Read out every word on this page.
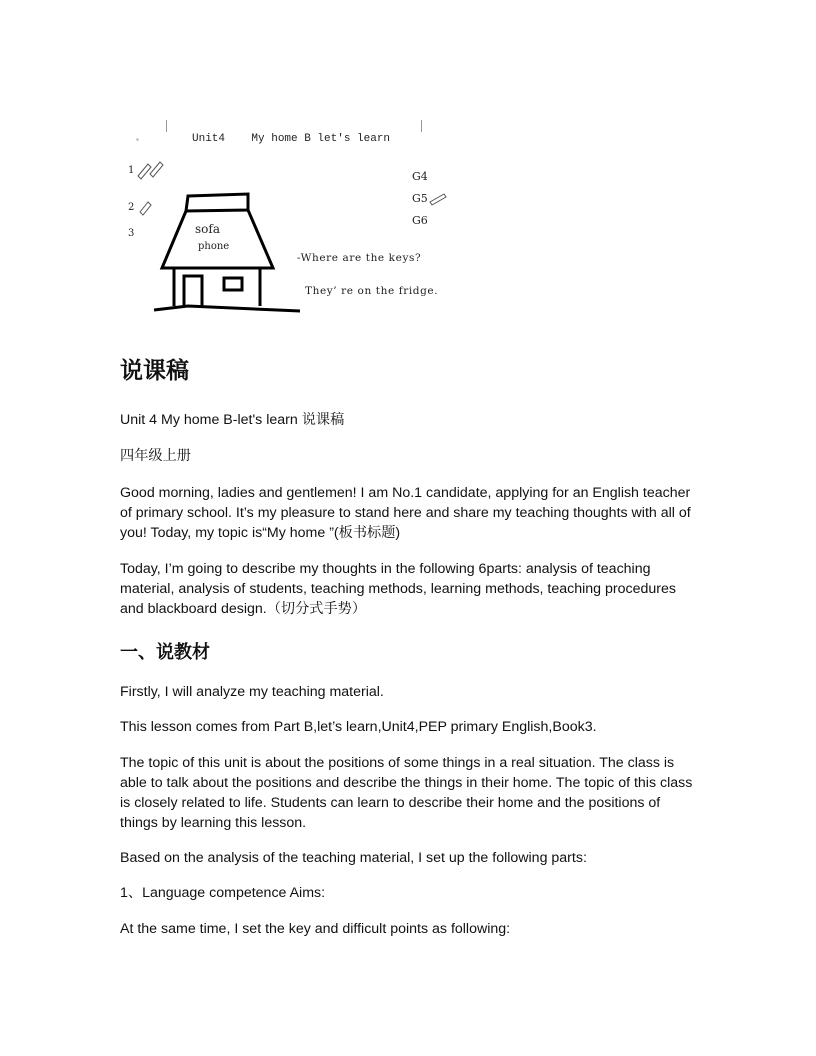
▪	Unit4    My home B let's learn
1
2
3	sofa
phone
G4
G5
G6
-Where are the keys?
They’ re on the fridge.
说课稿

Unit 4 My home B-let's learn 说课稿

四年级上册

Good morning, ladies and gentlemen! I am No.1 candidate, applying for an English teacher of primary school. It’s my pleasure to stand here and share my teaching thoughts with all of you! Today, my topic is“My home ”(板书标题)

Today, I’m going to describe my thoughts in the following 6parts: analysis of teaching material, analysis of students, teaching methods, learning methods, teaching procedures and blackboard design.（切分式手势）

一、说教材

Firstly, I will analyze my teaching material.

This lesson comes from Part B,let’s learn,Unit4,PEP primary English,Book3.

The topic of this unit is about the positions of some things in a real situation. The class is able to talk about the positions and describe the things in their home. The topic of this class is closely related to life. Students can learn to describe their home and the positions of things by learning this lesson.

Based on the analysis of the teaching material, I set up the following parts:

1、Language competence Aims:

At the same time, I set the key and difficult points as following:
